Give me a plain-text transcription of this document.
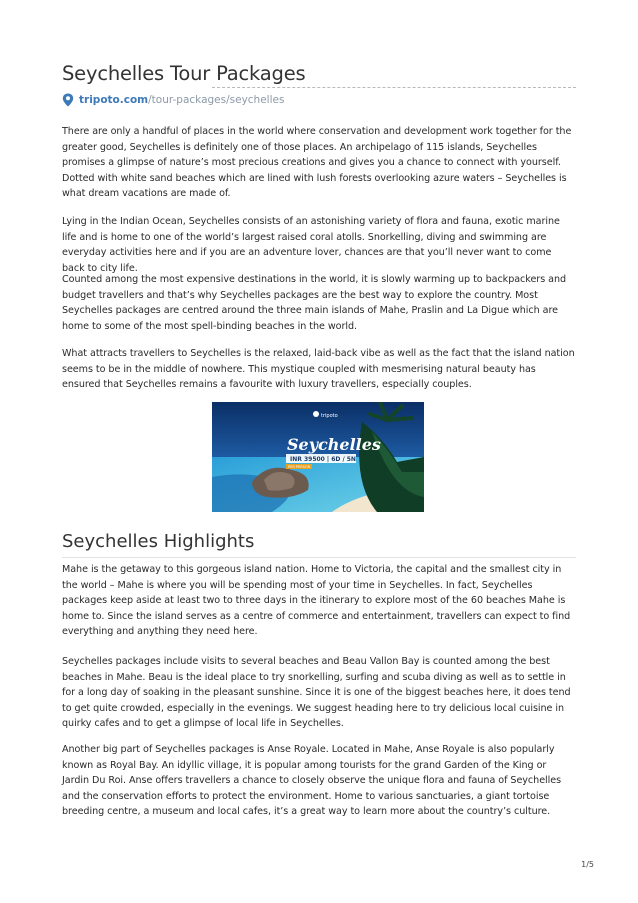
Seychelles Tour Packages
tripoto.com/tour-packages/seychelles

There are only a handful of places in the world where conservation and development work together for the greater good, Seychelles is definitely one of those places. An archipelago of 115 islands, Seychelles promises a glimpse of nature’s most precious creations and gives you a chance to connect with yourself. Dotted with white sand beaches which are lined with lush forests overlooking azure waters – Seychelles is what dream vacations are made of.

Lying in the Indian Ocean, Seychelles consists of an astonishing variety of flora and fauna, exotic marine life and is home to one of the world’s largest raised coral atolls. Snorkelling, diving and swimming are everyday activities here and if you are an adventure lover, chances are that you’ll never want to come back to city life.

Counted among the most expensive destinations in the world, it is slowly warming up to backpackers and budget travellers and that’s why Seychelles packages are the best way to explore the country. Most Seychelles packages are centred around the three main islands of Mahe, Praslin and La Digue which are home to some of the most spell-binding beaches in the world.

What attracts travellers to Seychelles is the relaxed, laid-back vibe as well as the fact that the island nation seems to be in the middle of nowhere. This mystique coupled with mesmerising natural beauty has ensured that Seychelles remains a favourite with luxury travellers, especially couples.

tripoto
Seychelles
INR 39500 | 6D / 5N
PER PERSON
Seychelles Highlights

Mahe is the getaway to this gorgeous island nation. Home to Victoria, the capital and the smallest city in the world – Mahe is where you will be spending most of your time in Seychelles. In fact, Seychelles packages keep aside at least two to three days in the itinerary to explore most of the 60 beaches Mahe is home to. Since the island serves as a centre of commerce and entertainment, travellers can expect to find everything and anything they need here.

Seychelles packages include visits to several beaches and Beau Vallon Bay is counted among the best beaches in Mahe. Beau is the ideal place to try snorkelling, surfing and scuba diving as well as to settle in for a long day of soaking in the pleasant sunshine. Since it is one of the biggest beaches here, it does tend to get quite crowded, especially in the evenings. We suggest heading here to try delicious local cuisine in quirky cafes and to get a glimpse of local life in Seychelles.

Another big part of Seychelles packages is Anse Royale. Located in Mahe, Anse Royale is also popularly known as Royal Bay. An idyllic village, it is popular among tourists for the grand Garden of the King or Jardin Du Roi. Anse offers travellers a chance to closely observe the unique flora and fauna of Seychelles and the conservation efforts to protect the environment. Home to various sanctuaries, a giant tortoise breeding centre, a museum and local cafes, it’s a great way to learn more about the country’s culture.

1/5
